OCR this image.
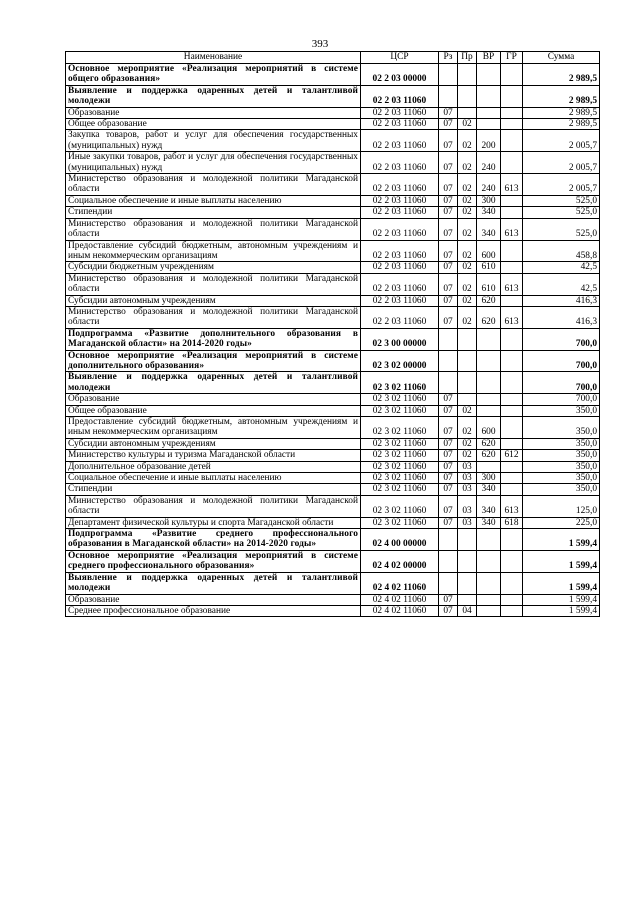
393
Наименование	ЦСР	Рз	Пр	ВР	ГР	Сумма
Основное мероприятие «Реализация мероприятий в системе общего образования»	02 2 03 00000					2 989,5
Выявление и поддержка одаренных детей и талантливой молодежи	02 2 03 11060					2 989,5
Образование	02 2 03 11060	07				2 989,5
Общее образование	02 2 03 11060	07	02			2 989,5
Закупка товаров, работ и услуг для обеспечения государственных (муниципальных) нужд	02 2 03 11060	07	02	200		2 005,7
Иные закупки товаров, работ и услуг для обеспечения государственных (муниципальных) нужд	02 2 03 11060	07	02	240		2 005,7
Министерство образования и молодежной политики Магаданской области	02 2 03 11060	07	02	240	613	2 005,7
Социальное обеспечение и иные выплаты населению	02 2 03 11060	07	02	300		525,0
Стипендии	02 2 03 11060	07	02	340		525,0
Министерство образования и молодежной политики Магаданской области	02 2 03 11060	07	02	340	613	525,0
Предоставление субсидий бюджетным, автономным учреждениям и иным некоммерческим организациям	02 2 03 11060	07	02	600		458,8
Субсидии бюджетным учреждениям	02 2 03 11060	07	02	610		42,5
Министерство образования и молодежной политики Магаданской области	02 2 03 11060	07	02	610	613	42,5
Субсидии автономным учреждениям	02 2 03 11060	07	02	620		416,3
Министерство образования и молодежной политики Магаданской области	02 2 03 11060	07	02	620	613	416,3
Подпрограмма «Развитие дополнительного образования в Магаданской области» на 2014-2020 годы»	02 3 00 00000					700,0
Основное мероприятие «Реализация мероприятий в системе дополнительного образования»	02 3 02 00000					700,0
Выявление и поддержка одаренных детей и талантливой молодежи	02 3 02 11060					700,0
Образование	02 3 02 11060	07				700,0
Общее образование	02 3 02 11060	07	02			350,0
Предоставление субсидий бюджетным, автономным учреждениям и иным некоммерческим организациям	02 3 02 11060	07	02	600		350,0
Субсидии автономным учреждениям	02 3 02 11060	07	02	620		350,0
Министерство культуры и туризма Магаданской области	02 3 02 11060	07	02	620	612	350,0
Дополнительное образование детей	02 3 02 11060	07	03			350,0
Социальное обеспечение и иные выплаты населению	02 3 02 11060	07	03	300		350,0
Стипендии	02 3 02 11060	07	03	340		350,0
Министерство образования и молодежной политики Магаданской области	02 3 02 11060	07	03	340	613	125,0
Департамент физической культуры и спорта Магаданской области	02 3 02 11060	07	03	340	618	225,0
Подпрограмма «Развитие среднего профессионального образования в Магаданской области» на 2014-2020 годы»	02 4 00 00000					1 599,4
Основное мероприятие «Реализация мероприятий в системе среднего профессионального образования»	02 4 02 00000					1 599,4
Выявление и поддержка одаренных детей и талантливой молодежи	02 4 02 11060					1 599,4
Образование	02 4 02 11060	07				1 599,4
Среднее профессиональное образование	02 4 02 11060	07	04			1 599,4
